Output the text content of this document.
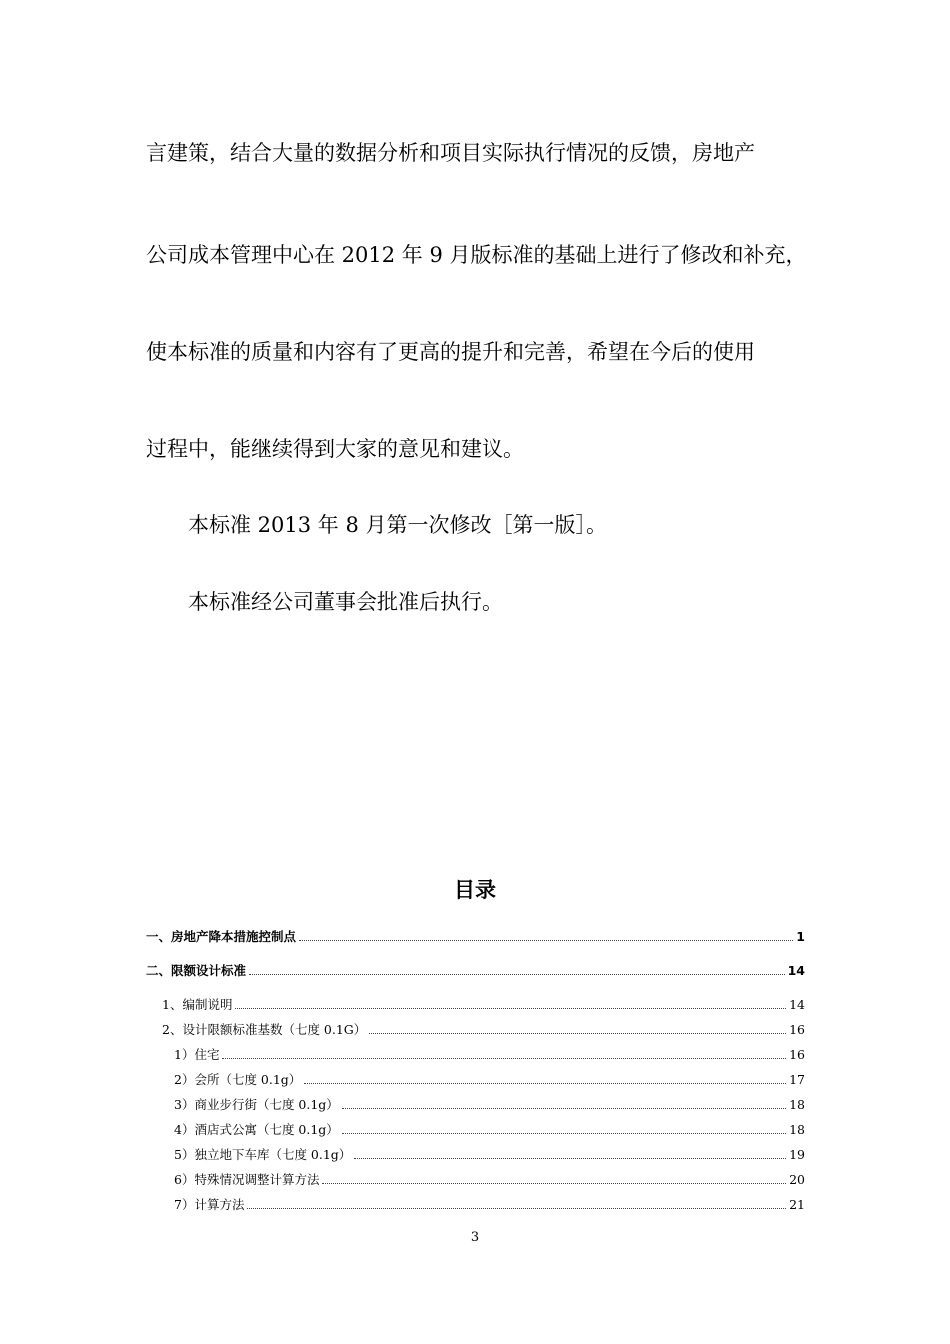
言建策，结合大量的数据分析和项目实际执行情况的反馈，房地产

公司成本管理中心在 2012 年 9 月版标准的基础上进行了修改和补充，

使本标准的质量和内容有了更高的提升和完善，希望在今后的使用

过程中，能继续得到大家的意见和建议。

本标准 2013 年 8 月第一次修改［第一版］。

本标准经公司董事会批准后执行。

目录
一、房地产降本措施控制点	1
二、限额设计标准	14
1、编制说明	14
2、设计限额标准基数（七度 0.1G）	16
1）住宅	16
2）会所（七度 0.1g）	17
3）商业步行街（七度 0.1g）	18
4）酒店式公寓（七度 0.1g）	18
5）独立地下车库（七度 0.1g）	19
6）特殊情况调整计算方法	20
7）计算方法	21

3
